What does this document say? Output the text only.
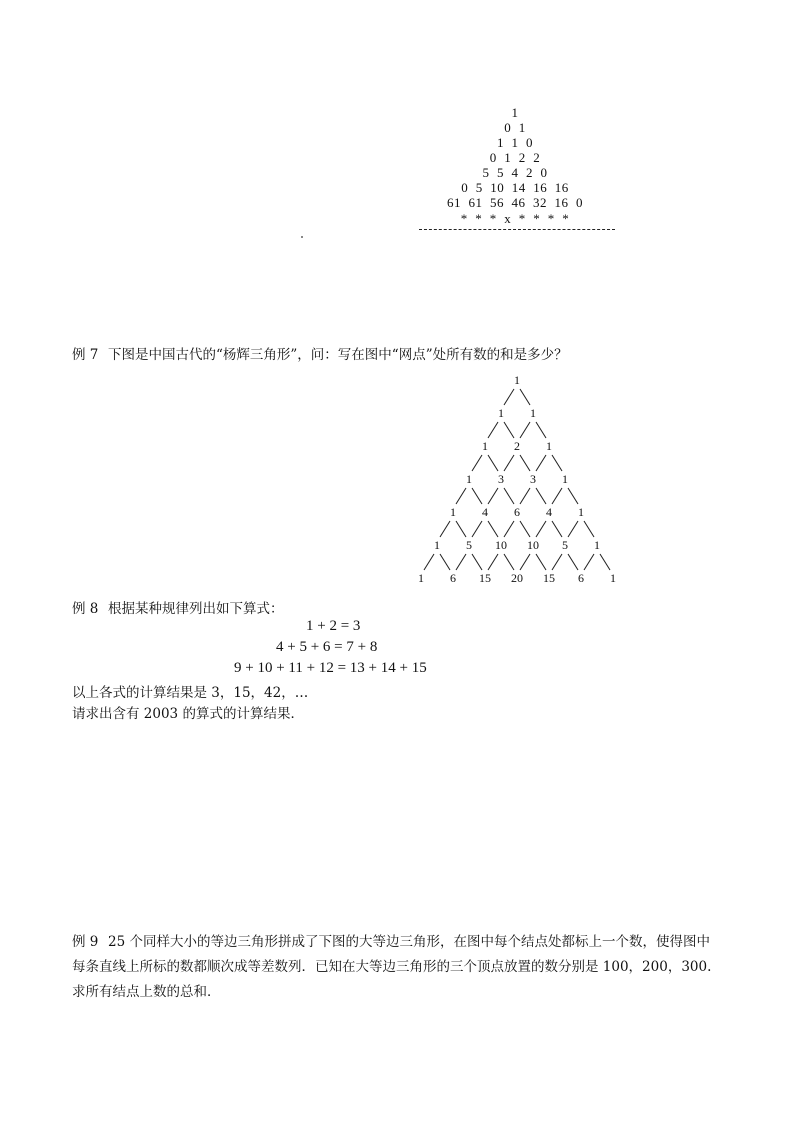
1
0  1
1  1  0
0  1  2  2
5  5  4  2  0
0  5  10  14  16  16
61  61  56  46  32  16  0
*  *  *  x  *  *  *  *
例 7 下图是中国古代的“杨辉三角形”，问：写在图中“网点”处所有数的和是多少？
1
1 1
1 2 1
1 3 3 1
1 4 6 4 1
1 5 10 10 5 1
1 6 15 20 15 6 1
例 8 根据某种规律列出如下算式：
1 + 2 = 3
4 + 5 + 6 = 7 + 8
9 + 10 + 11 + 12 = 13 + 14 + 15
以上各式的计算结果是 3，15，42，…
请求出含有 2003 的算式的计算结果．
例 9 25 个同样大小的等边三角形拼成了下图的大等边三角形，在图中每个结点处都标上一个数，使得图中每条直线上所标的数都顺次成等差数列．已知在大等边三角形的三个顶点放置的数分别是 100，200，300.求所有结点上数的总和．
